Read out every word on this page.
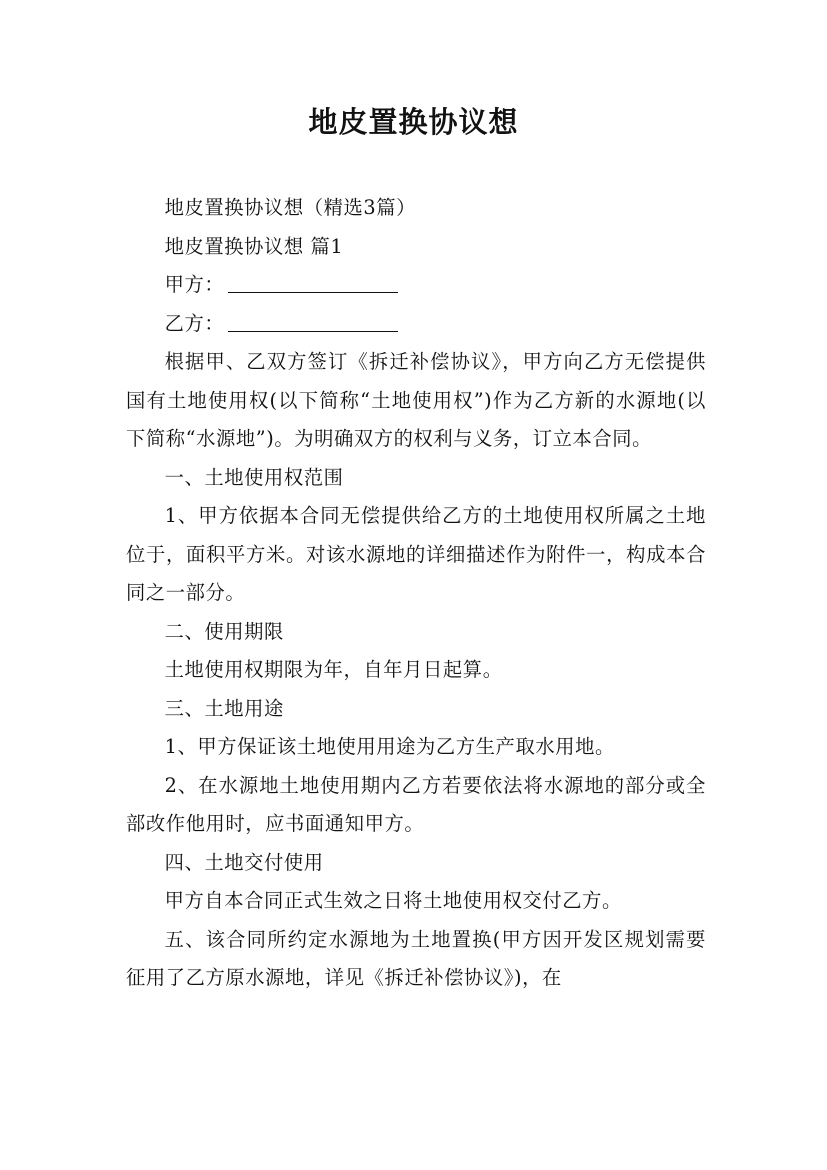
地皮置换协议想

地皮置换协议想（精选3篇）

地皮置换协议想 篇1

甲方：

乙方：

根据甲、乙双方签订《拆迁补偿协议》，甲方向乙方无偿提供国有土地使用权(以下简称“土地使用权”)作为乙方新的水源地(以下简称“水源地”)。为明确双方的权利与义务，订立本合同。

一、土地使用权范围

1、甲方依据本合同无偿提供给乙方的土地使用权所属之土地位于，面积平方米。对该水源地的详细描述作为附件一，构成本合同之一部分。

二、使用期限

土地使用权期限为年，自年月日起算。

三、土地用途

1、甲方保证该土地使用用途为乙方生产取水用地。

2、在水源地土地使用期内乙方若要依法将水源地的部分或全部改作他用时，应书面通知甲方。

四、土地交付使用

甲方自本合同正式生效之日将土地使用权交付乙方。

五、该合同所约定水源地为土地置换(甲方因开发区规划需要征用了乙方原水源地，详见《拆迁补偿协议》)，在
